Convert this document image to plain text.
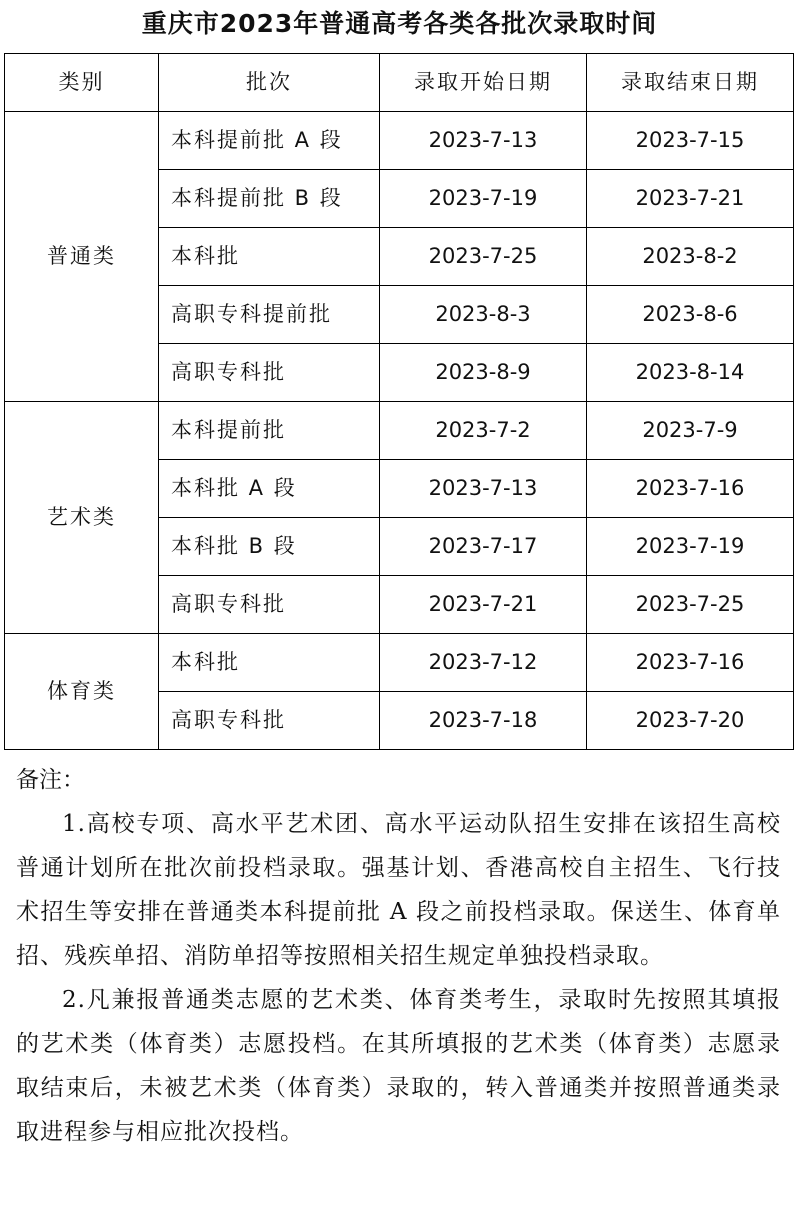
重庆市2023年普通高考各类各批次录取时间
类别	批次	录取开始日期	录取结束日期
普通类	本科提前批 A 段	2023-7-13	2023-7-15
	本科提前批 B 段	2023-7-19	2023-7-21
	本科批	2023-7-25	2023-8-2
	高职专科提前批	2023-8-3	2023-8-6
	高职专科批	2023-8-9	2023-8-14
艺术类	本科提前批	2023-7-2	2023-7-9
	本科批 A 段	2023-7-13	2023-7-16
	本科批 B 段	2023-7-17	2023-7-19
	高职专科批	2023-7-21	2023-7-25
体育类	本科批	2023-7-12	2023-7-16
	高职专科批	2023-7-18	2023-7-20
备注：

1.高校专项、高水平艺术团、高水平运动队招生安排在该招生高校普通计划所在批次前投档录取。强基计划、香港高校自主招生、飞行技术招生等安排在普通类本科提前批 A 段之前投档录取。保送生、体育单招、残疾单招、消防单招等按照相关招生规定单独投档录取。

2.凡兼报普通类志愿的艺术类、体育类考生，录取时先按照其填报的艺术类（体育类）志愿投档。在其所填报的艺术类（体育类）志愿录取结束后，未被艺术类（体育类）录取的，转入普通类并按照普通类录取进程参与相应批次投档。
